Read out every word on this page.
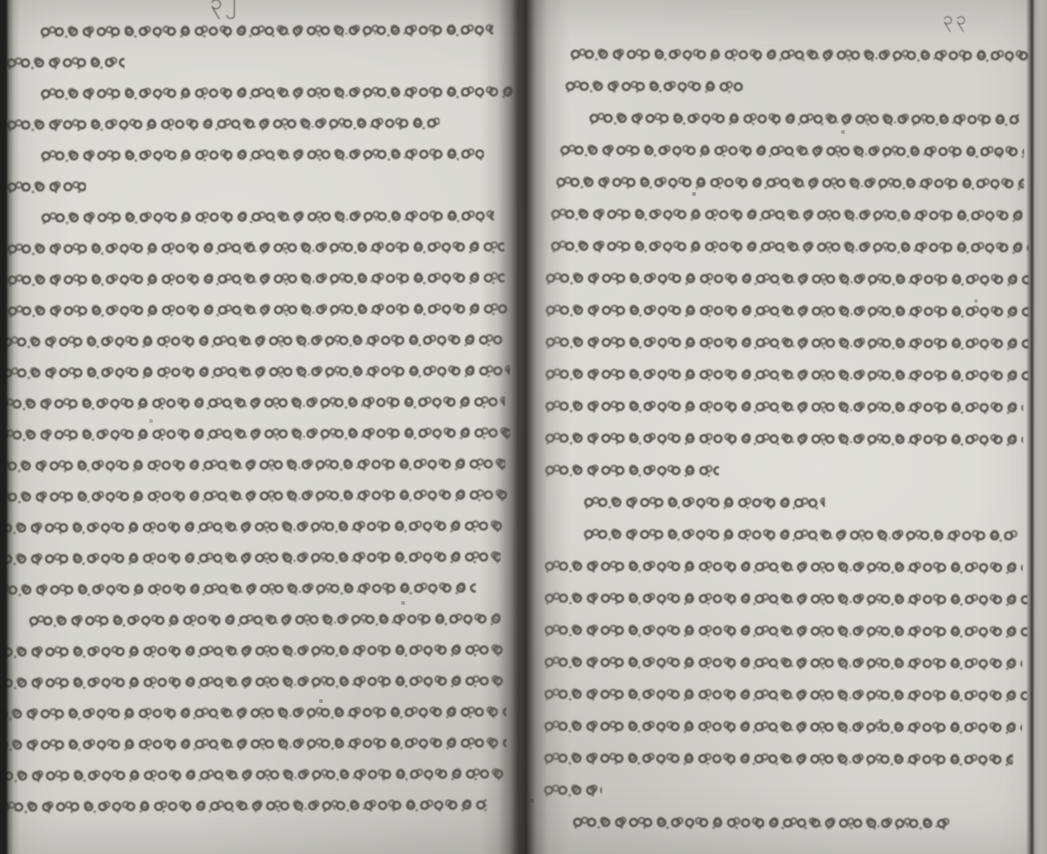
၃၂
၃၃
